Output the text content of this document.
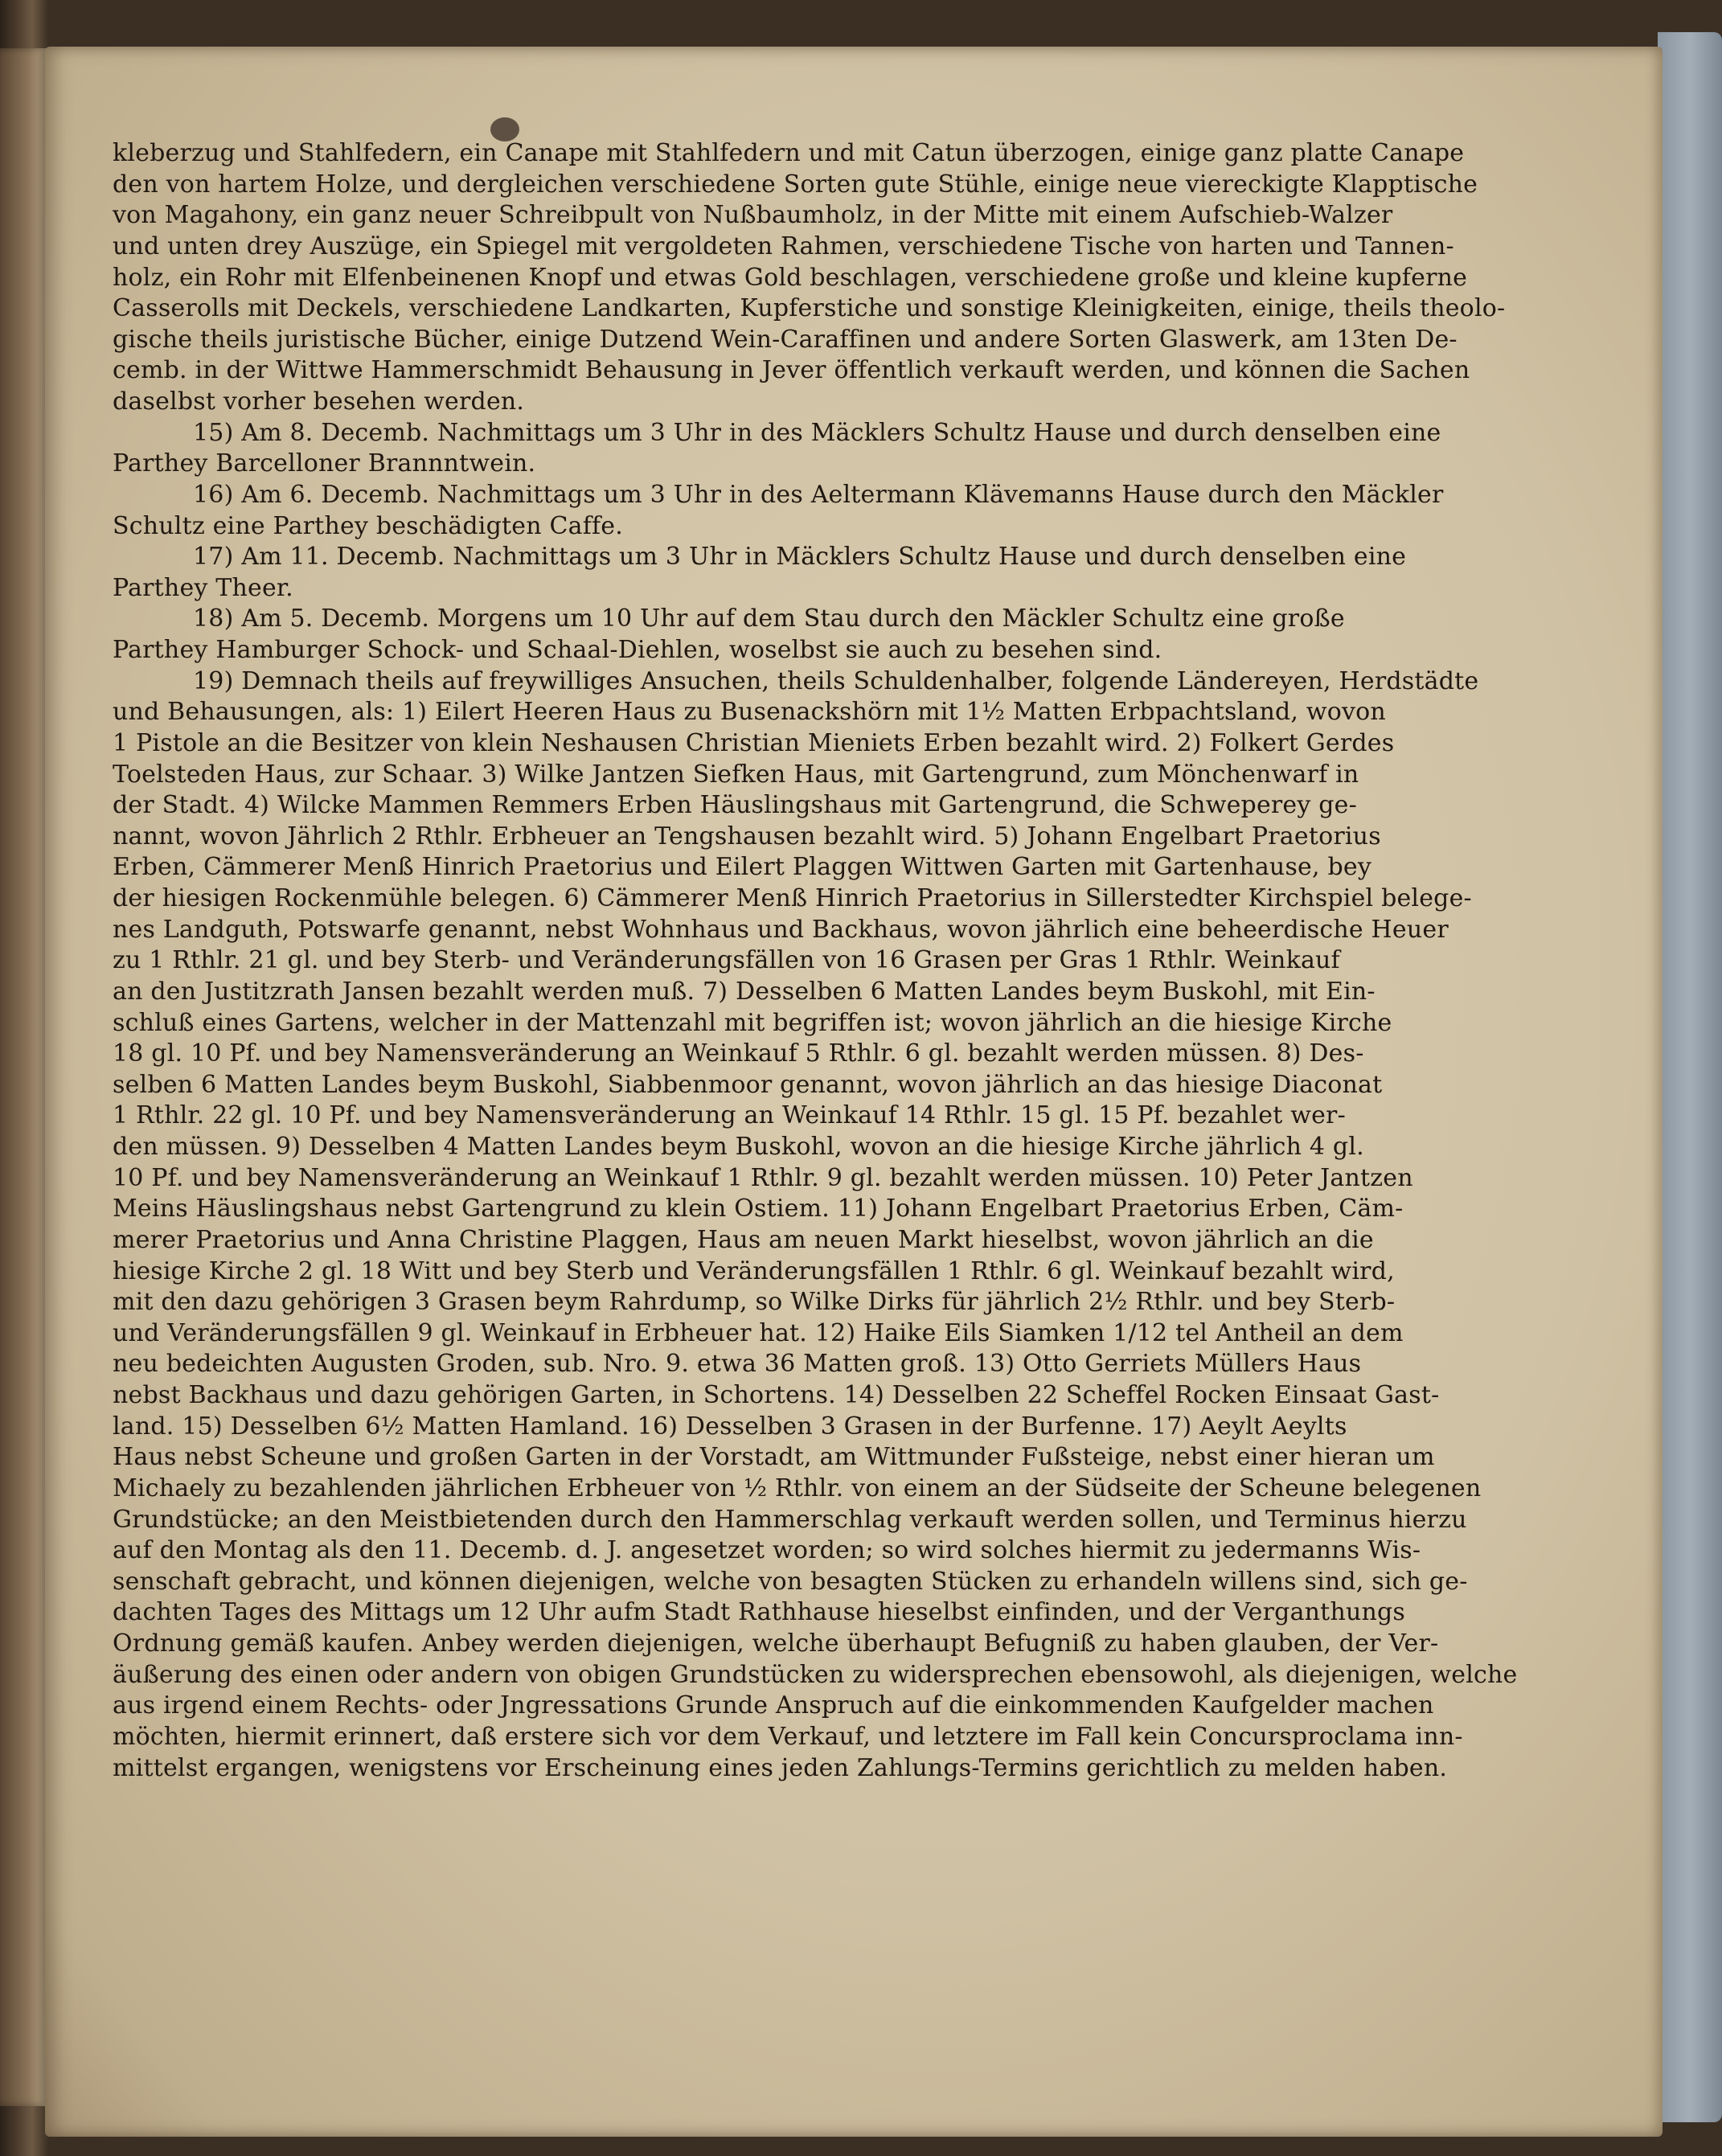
kleberzug und Stahlfedern, ein Canape mit Stahlfedern und mit Catun überzogen, einige ganz platte Canape
den von hartem Holze, und dergleichen verschiedene Sorten gute Stühle, einige neue viereckigte Klapptische
von Magahony, ein ganz neuer Schreibpult von Nußbaumholz, in der Mitte mit einem Aufschieb-Walzer
und unten drey Auszüge, ein Spiegel mit vergoldeten Rahmen, verschiedene Tische von harten und Tannen-
holz, ein Rohr mit Elfenbeinenen Knopf und etwas Gold beschlagen, verschiedene große und kleine kupferne
Casserolls mit Deckels, verschiedene Landkarten, Kupferstiche und sonstige Kleinigkeiten, einige, theils theolo-
gische theils juristische Bücher, einige Dutzend Wein-Caraffinen und andere Sorten Glaswerk, am 13ten De-
cemb. in der Wittwe Hammerschmidt Behausung in Jever öffentlich verkauft werden, und können die Sachen
daselbst vorher besehen werden.
15) Am 8. Decemb. Nachmittags um 3 Uhr in des Mäcklers Schultz Hause und durch denselben eine
Parthey Barcelloner Brannntwein.
16) Am 6. Decemb. Nachmittags um 3 Uhr in des Aeltermann Klävemanns Hause durch den Mäckler
Schultz eine Parthey beschädigten Caffe.
17) Am 11. Decemb. Nachmittags um 3 Uhr in Mäcklers Schultz Hause und durch denselben eine
Parthey Theer.
18) Am 5. Decemb. Morgens um 10 Uhr auf dem Stau durch den Mäckler Schultz eine große
Parthey Hamburger Schock- und Schaal-Diehlen, woselbst sie auch zu besehen sind.
19) Demnach theils auf freywilliges Ansuchen, theils Schuldenhalber, folgende Ländereyen, Herdstädte
und Behausungen, als: 1) Eilert Heeren Haus zu Busenackshörn mit 1½ Matten Erbpachtsland, wovon
1 Pistole an die Besitzer von klein Neshausen Christian Mieniets Erben bezahlt wird. 2) Folkert Gerdes
Toelsteden Haus, zur Schaar. 3) Wilke Jantzen Siefken Haus, mit Gartengrund, zum Mönchenwarf in
der Stadt. 4) Wilcke Mammen Remmers Erben Häuslingshaus mit Gartengrund, die Schweperey ge-
nannt, wovon Jährlich 2 Rthlr. Erbheuer an Tengshausen bezahlt wird. 5) Johann Engelbart Praetorius
Erben, Cämmerer Menß Hinrich Praetorius und Eilert Plaggen Wittwen Garten mit Gartenhause, bey
der hiesigen Rockenmühle belegen. 6) Cämmerer Menß Hinrich Praetorius in Sillerstedter Kirchspiel belege-
nes Landguth, Potswarfe genannt, nebst Wohnhaus und Backhaus, wovon jährlich eine beheerdische Heuer
zu 1 Rthlr. 21 gl. und bey Sterb- und Veränderungsfällen von 16 Grasen per Gras 1 Rthlr. Weinkauf
an den Justitzrath Jansen bezahlt werden muß. 7) Desselben 6 Matten Landes beym Buskohl, mit Ein-
schluß eines Gartens, welcher in der Mattenzahl mit begriffen ist; wovon jährlich an die hiesige Kirche
18 gl. 10 Pf. und bey Namensveränderung an Weinkauf 5 Rthlr. 6 gl. bezahlt werden müssen. 8) Des-
selben 6 Matten Landes beym Buskohl, Siabbenmoor genannt, wovon jährlich an das hiesige Diaconat
1 Rthlr. 22 gl. 10 Pf. und bey Namensveränderung an Weinkauf 14 Rthlr. 15 gl. 15 Pf. bezahlet wer-
den müssen. 9) Desselben 4 Matten Landes beym Buskohl, wovon an die hiesige Kirche jährlich 4 gl.
10 Pf. und bey Namensveränderung an Weinkauf 1 Rthlr. 9 gl. bezahlt werden müssen. 10) Peter Jantzen
Meins Häuslingshaus nebst Gartengrund zu klein Ostiem. 11) Johann Engelbart Praetorius Erben, Cäm-
merer Praetorius und Anna Christine Plaggen, Haus am neuen Markt hieselbst, wovon jährlich an die
hiesige Kirche 2 gl. 18 Witt und bey Sterb und Veränderungsfällen 1 Rthlr. 6 gl. Weinkauf bezahlt wird,
mit den dazu gehörigen 3 Grasen beym Rahrdump, so Wilke Dirks für jährlich 2½ Rthlr. und bey Sterb-
und Veränderungsfällen 9 gl. Weinkauf in Erbheuer hat. 12) Haike Eils Siamken 1/12 tel Antheil an dem
neu bedeichten Augusten Groden, sub. Nro. 9. etwa 36 Matten groß. 13) Otto Gerriets Müllers Haus
nebst Backhaus und dazu gehörigen Garten, in Schortens. 14) Desselben 22 Scheffel Rocken Einsaat Gast-
land. 15) Desselben 6½ Matten Hamland. 16) Desselben 3 Grasen in der Burfenne. 17) Aeylt Aeylts
Haus nebst Scheune und großen Garten in der Vorstadt, am Wittmunder Fußsteige, nebst einer hieran um
Michaely zu bezahlenden jährlichen Erbheuer von ½ Rthlr. von einem an der Südseite der Scheune belegenen
Grundstücke; an den Meistbietenden durch den Hammerschlag verkauft werden sollen, und Terminus hierzu
auf den Montag als den 11. Decemb. d. J. angesetzet worden; so wird solches hiermit zu jedermanns Wis-
senschaft gebracht, und können diejenigen, welche von besagten Stücken zu erhandeln willens sind, sich ge-
dachten Tages des Mittags um 12 Uhr aufm Stadt Rathhause hieselbst einfinden, und der Verganthungs
Ordnung gemäß kaufen. Anbey werden diejenigen, welche überhaupt Befugniß zu haben glauben, der Ver-
äußerung des einen oder andern von obigen Grundstücken zu widersprechen ebensowohl, als diejenigen, welche
aus irgend einem Rechts- oder Jngressations Grunde Anspruch auf die einkommenden Kaufgelder machen
möchten, hiermit erinnert, daß erstere sich vor dem Verkauf, und letztere im Fall kein Concursproclama inn-
mittelst ergangen, wenigstens vor Erscheinung eines jeden Zahlungs-Termins gerichtlich zu melden haben.
